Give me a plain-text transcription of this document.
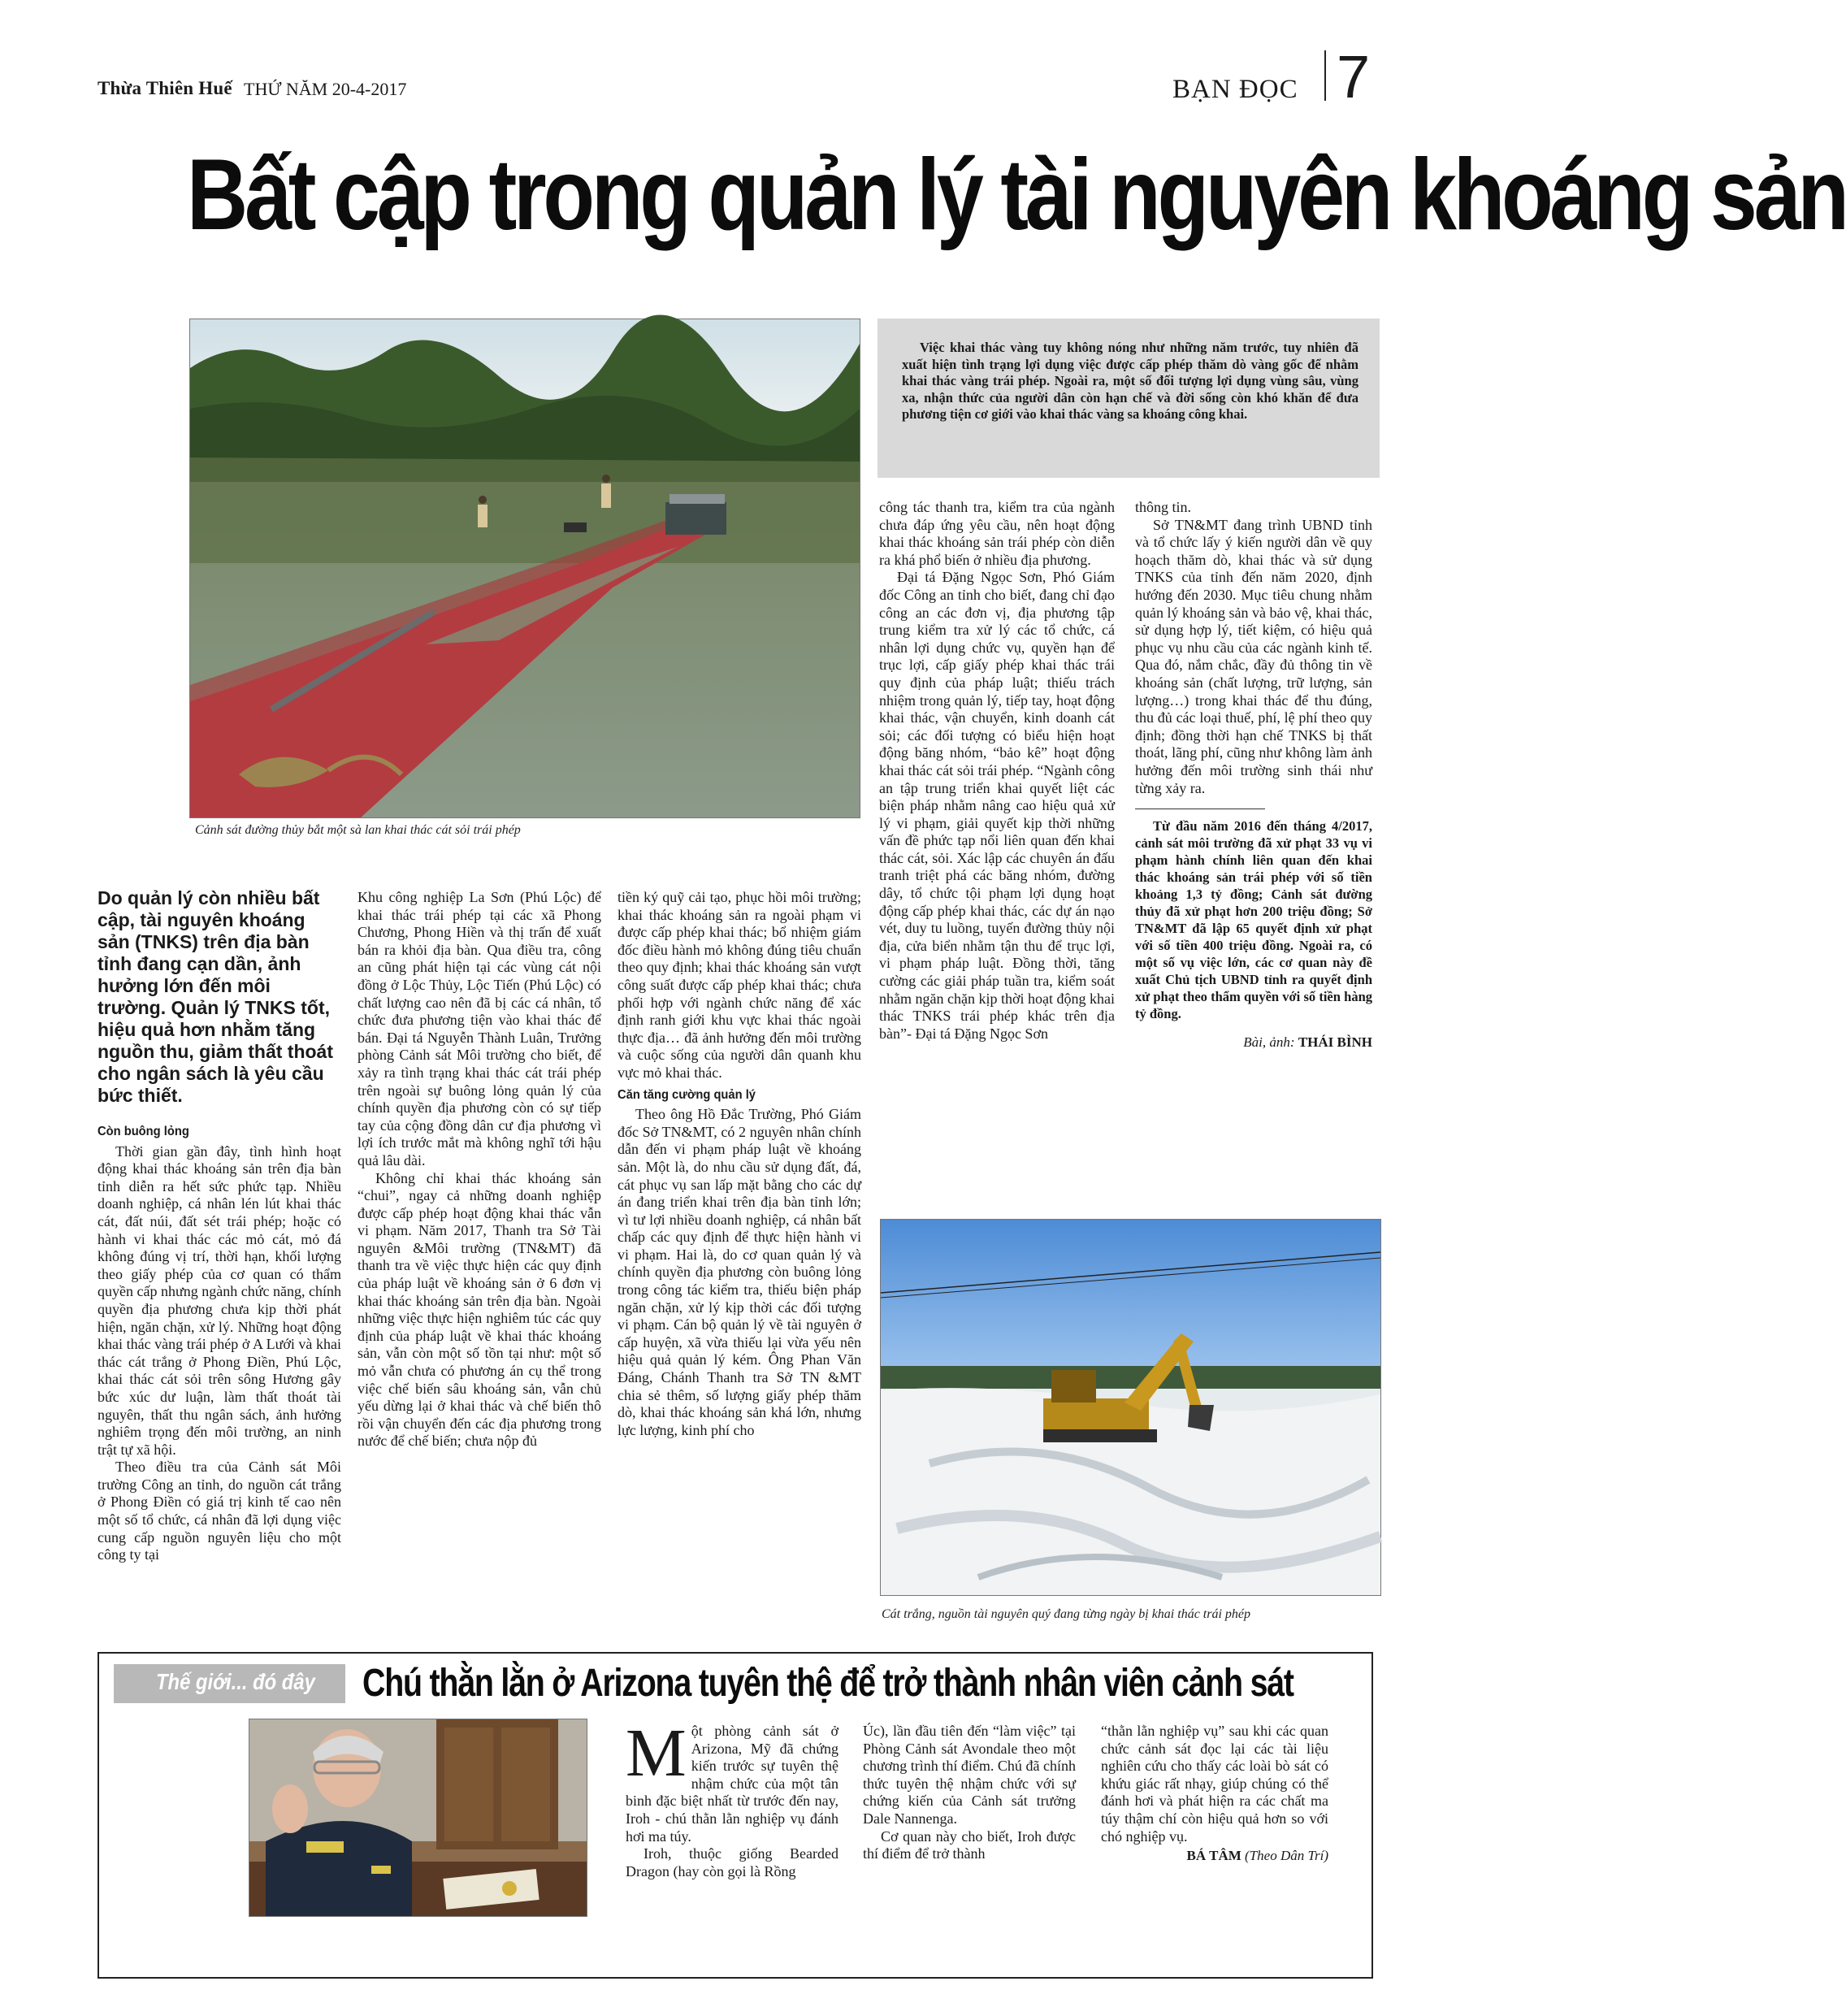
Thừa Thiên Huế THỨ NĂM 20-4-2017	BẠN ĐỌC 7
Bất cập trong quản lý tài nguyên khoáng sản
Cảnh sát đường thủy bắt một sà lan khai thác cát sỏi trái phép
Việc khai thác vàng tuy không nóng như những năm trước, tuy nhiên đã xuất hiện tình trạng lợi dụng việc được cấp phép thăm dò vàng gốc để nhằm khai thác vàng trái phép. Ngoài ra, một số đối tượng lợi dụng vùng sâu, vùng xa, nhận thức của người dân còn hạn chế và đời sống còn khó khăn để đưa phương tiện cơ giới vào khai thác vàng sa khoáng công khai.
Do quản lý còn nhiều bất cập, tài nguyên khoáng sản (TNKS) trên địa bàn tỉnh đang cạn dần, ảnh hưởng lớn đến môi trường. Quản lý TNKS tốt, hiệu quả hơn nhằm tăng nguồn thu, giảm thất thoát cho ngân sách là yêu cầu bức thiết.
Còn buông lỏng

Thời gian gần đây, tình hình hoạt động khai thác khoáng sản trên địa bàn tỉnh diễn ra hết sức phức tạp. Nhiều doanh nghiệp, cá nhân lén lút khai thác cát, đất núi, đất sét trái phép; hoặc có hành vi khai thác các mỏ cát, mỏ đá không đúng vị trí, thời hạn, khối lượng theo giấy phép của cơ quan có thẩm quyền cấp nhưng ngành chức năng, chính quyền địa phương chưa kịp thời phát hiện, ngăn chặn, xử lý. Những hoạt động khai thác vàng trái phép ở A Lưới và khai thác cát trắng ở Phong Điền, Phú Lộc, khai thác cát sỏi trên sông Hương gây bức xúc dư luận, làm thất thoát tài nguyên, thất thu ngân sách, ảnh hưởng nghiêm trọng đến môi trường, an ninh trật tự xã hội.

Theo điều tra của Cảnh sát Môi trường Công an tỉnh, do nguồn cát trắng ở Phong Điền có giá trị kinh tế cao nên một số tổ chức, cá nhân đã lợi dụng việc cung cấp nguồn nguyên liệu cho một công ty tại

Khu công nghiệp La Sơn (Phú Lộc) để khai thác trái phép tại các xã Phong Chương, Phong Hiền và thị trấn để xuất bán ra khỏi địa bàn. Qua điều tra, công an cũng phát hiện tại các vùng cát nội đồng ở Lộc Thủy, Lộc Tiến (Phú Lộc) có chất lượng cao nên đã bị các cá nhân, tổ chức đưa phương tiện vào khai thác để bán. Đại tá Nguyễn Thành Luân, Trưởng phòng Cảnh sát Môi trường cho biết, để xảy ra tình trạng khai thác cát trái phép trên ngoài sự buông lỏng quản lý của chính quyền địa phương còn có sự tiếp tay của cộng đồng dân cư địa phương vì lợi ích trước mắt mà không nghĩ tới hậu quả lâu dài.

Không chỉ khai thác khoáng sản “chui”, ngay cả những doanh nghiệp được cấp phép hoạt động khai thác vẫn vi phạm. Năm 2017, Thanh tra Sở Tài nguyên &Môi trường (TN&MT) đã thanh tra về việc thực hiện các quy định của pháp luật về khoáng sản ở 6 đơn vị khai thác khoáng sản trên địa bàn. Ngoài những việc thực hiện nghiêm túc các quy định của pháp luật về khai thác khoáng sản, vẫn còn một số tồn tại như: một số mỏ vẫn chưa có phương án cụ thể trong việc chế biến sâu khoáng sản, vẫn chủ yếu dừng lại ở khai thác và chế biến thô rồi vận chuyển đến các địa phương trong nước để chế biến; chưa nộp đủ

tiền ký quỹ cải tạo, phục hồi môi trường; khai thác khoáng sản ra ngoài phạm vi được cấp phép khai thác; bổ nhiệm giám đốc điều hành mỏ không đúng tiêu chuẩn theo quy định; khai thác khoáng sản vượt công suất được cấp phép khai thác; chưa phối hợp với ngành chức năng để xác định ranh giới khu vực khai thác ngoài thực địa… đã ảnh hưởng đến môi trường và cuộc sống của người dân quanh khu vực mỏ khai thác.

Căn tăng cường quản lý

Theo ông Hồ Đắc Trường, Phó Giám đốc Sở TN&MT, có 2 nguyên nhân chính dẫn đến vi phạm pháp luật về khoáng sản. Một là, do nhu cầu sử dụng đất, đá, cát phục vụ san lấp mặt bằng cho các dự án đang triển khai trên địa bàn tỉnh lớn; vì tư lợi nhiều doanh nghiệp, cá nhân bất chấp các quy định để thực hiện hành vi vi phạm. Hai là, do cơ quan quản lý và chính quyền địa phương còn buông lỏng trong công tác kiểm tra, thiếu biện pháp ngăn chặn, xử lý kịp thời các đối tượng vi phạm. Cán bộ quản lý về tài nguyên ở cấp huyện, xã vừa thiếu lại vừa yếu nên hiệu quả quản lý kém. Ông Phan Văn Đáng, Chánh Thanh tra Sở TN &MT chia sẻ thêm, số lượng giấy phép thăm dò, khai thác khoáng sản khá lớn, nhưng lực lượng, kinh phí cho

công tác thanh tra, kiểm tra của ngành chưa đáp ứng yêu cầu, nên hoạt động khai thác khoáng sản trái phép còn diễn ra khá phổ biến ở nhiều địa phương.

Đại tá Đặng Ngọc Sơn, Phó Giám đốc Công an tỉnh cho biết, đang chỉ đạo công an các đơn vị, địa phương tập trung kiểm tra xử lý các tổ chức, cá nhân lợi dụng chức vụ, quyền hạn để trục lợi, cấp giấy phép khai thác trái quy định của pháp luật; thiếu trách nhiệm trong quản lý, tiếp tay, hoạt động khai thác, vận chuyển, kinh doanh cát sỏi; các đối tượng có biểu hiện hoạt động băng nhóm, “bảo kê” hoạt động khai thác cát sỏi trái phép. “Ngành công an tập trung triển khai quyết liệt các biện pháp nhằm nâng cao hiệu quả xử lý vi phạm, giải quyết kịp thời những vấn đề phức tạp nổi liên quan đến khai thác cát, sỏi. Xác lập các chuyên án đấu tranh triệt phá các băng nhóm, đường dây, tổ chức tội phạm lợi dụng hoạt động cấp phép khai thác, các dự án nạo vét, duy tu luồng, tuyến đường thủy nội địa, cửa biển nhằm tận thu để trục lợi, vi phạm pháp luật. Đồng thời, tăng cường các giải pháp tuần tra, kiểm soát nhằm ngăn chặn kịp thời hoạt động khai thác TNKS trái phép khác trên địa bàn”- Đại tá Đặng Ngọc Sơn

thông tin.

Sở TN&MT đang trình UBND tỉnh và tổ chức lấy ý kiến người dân về quy hoạch thăm dò, khai thác và sử dụng TNKS của tỉnh đến năm 2020, định hướng đến 2030. Mục tiêu chung nhằm quản lý khoáng sản và bảo vệ, khai thác, sử dụng hợp lý, tiết kiệm, có hiệu quả phục vụ nhu cầu của các ngành kinh tế. Qua đó, nắm chắc, đầy đủ thông tin về khoáng sản (chất lượng, trữ lượng, sản lượng…) trong khai thác để thu đúng, thu đủ các loại thuế, phí, lệ phí theo quy định; đồng thời hạn chế TNKS bị thất thoát, lãng phí, cũng như không làm ảnh hưởng đến môi trường sinh thái như từng xảy ra.

Từ đầu năm 2016 đến tháng 4/2017, cảnh sát môi trường đã xử phạt 33 vụ vi phạm hành chính liên quan đến khai thác khoáng sản trái phép với số tiền khoảng 1,3 tỷ đồng; Cảnh sát đường thủy đã xử phạt hơn 200 triệu đồng; Sở TN&MT đã lập 65 quyết định xử phạt với số tiền 400 triệu đồng. Ngoài ra, có một số vụ việc lớn, các cơ quan này đề xuất Chủ tịch UBND tỉnh ra quyết định xử phạt theo thẩm quyền với số tiền hàng tỷ đồng.
Bài, ảnh: THÁI BÌNH
Cát trắng, nguồn tài nguyên quý đang từng ngày bị khai thác trái phép
Thế giới... đó đây Chú thằn lằn ở Arizona tuyên thệ để trở thành nhân viên cảnh sát

Một phòng cảnh sát ở Arizona, Mỹ đã chứng kiến trước sự tuyên thệ nhậm chức của một tân binh đặc biệt nhất từ trước đến nay, Iroh - chú thằn lằn nghiệp vụ đánh hơi ma túy.

Iroh, thuộc giống Bearded Dragon (hay còn gọi là Rồng

Úc), lần đầu tiên đến “làm việc” tại Phòng Cảnh sát Avondale theo một chương trình thí điểm. Chú đã chính thức tuyên thệ nhậm chức với sự chứng kiến của Cảnh sát trưởng Dale Nannenga.

Cơ quan này cho biết, Iroh được thí điểm để trở thành

“thằn lằn nghiệp vụ” sau khi các quan chức cảnh sát đọc lại các tài liệu nghiên cứu cho thấy các loài bò sát có khứu giác rất nhạy, giúp chúng có thể đánh hơi và phát hiện ra các chất ma túy thậm chí còn hiệu quả hơn so với chó nghiệp vụ.

BÁ TÂM (Theo Dân Trí)
